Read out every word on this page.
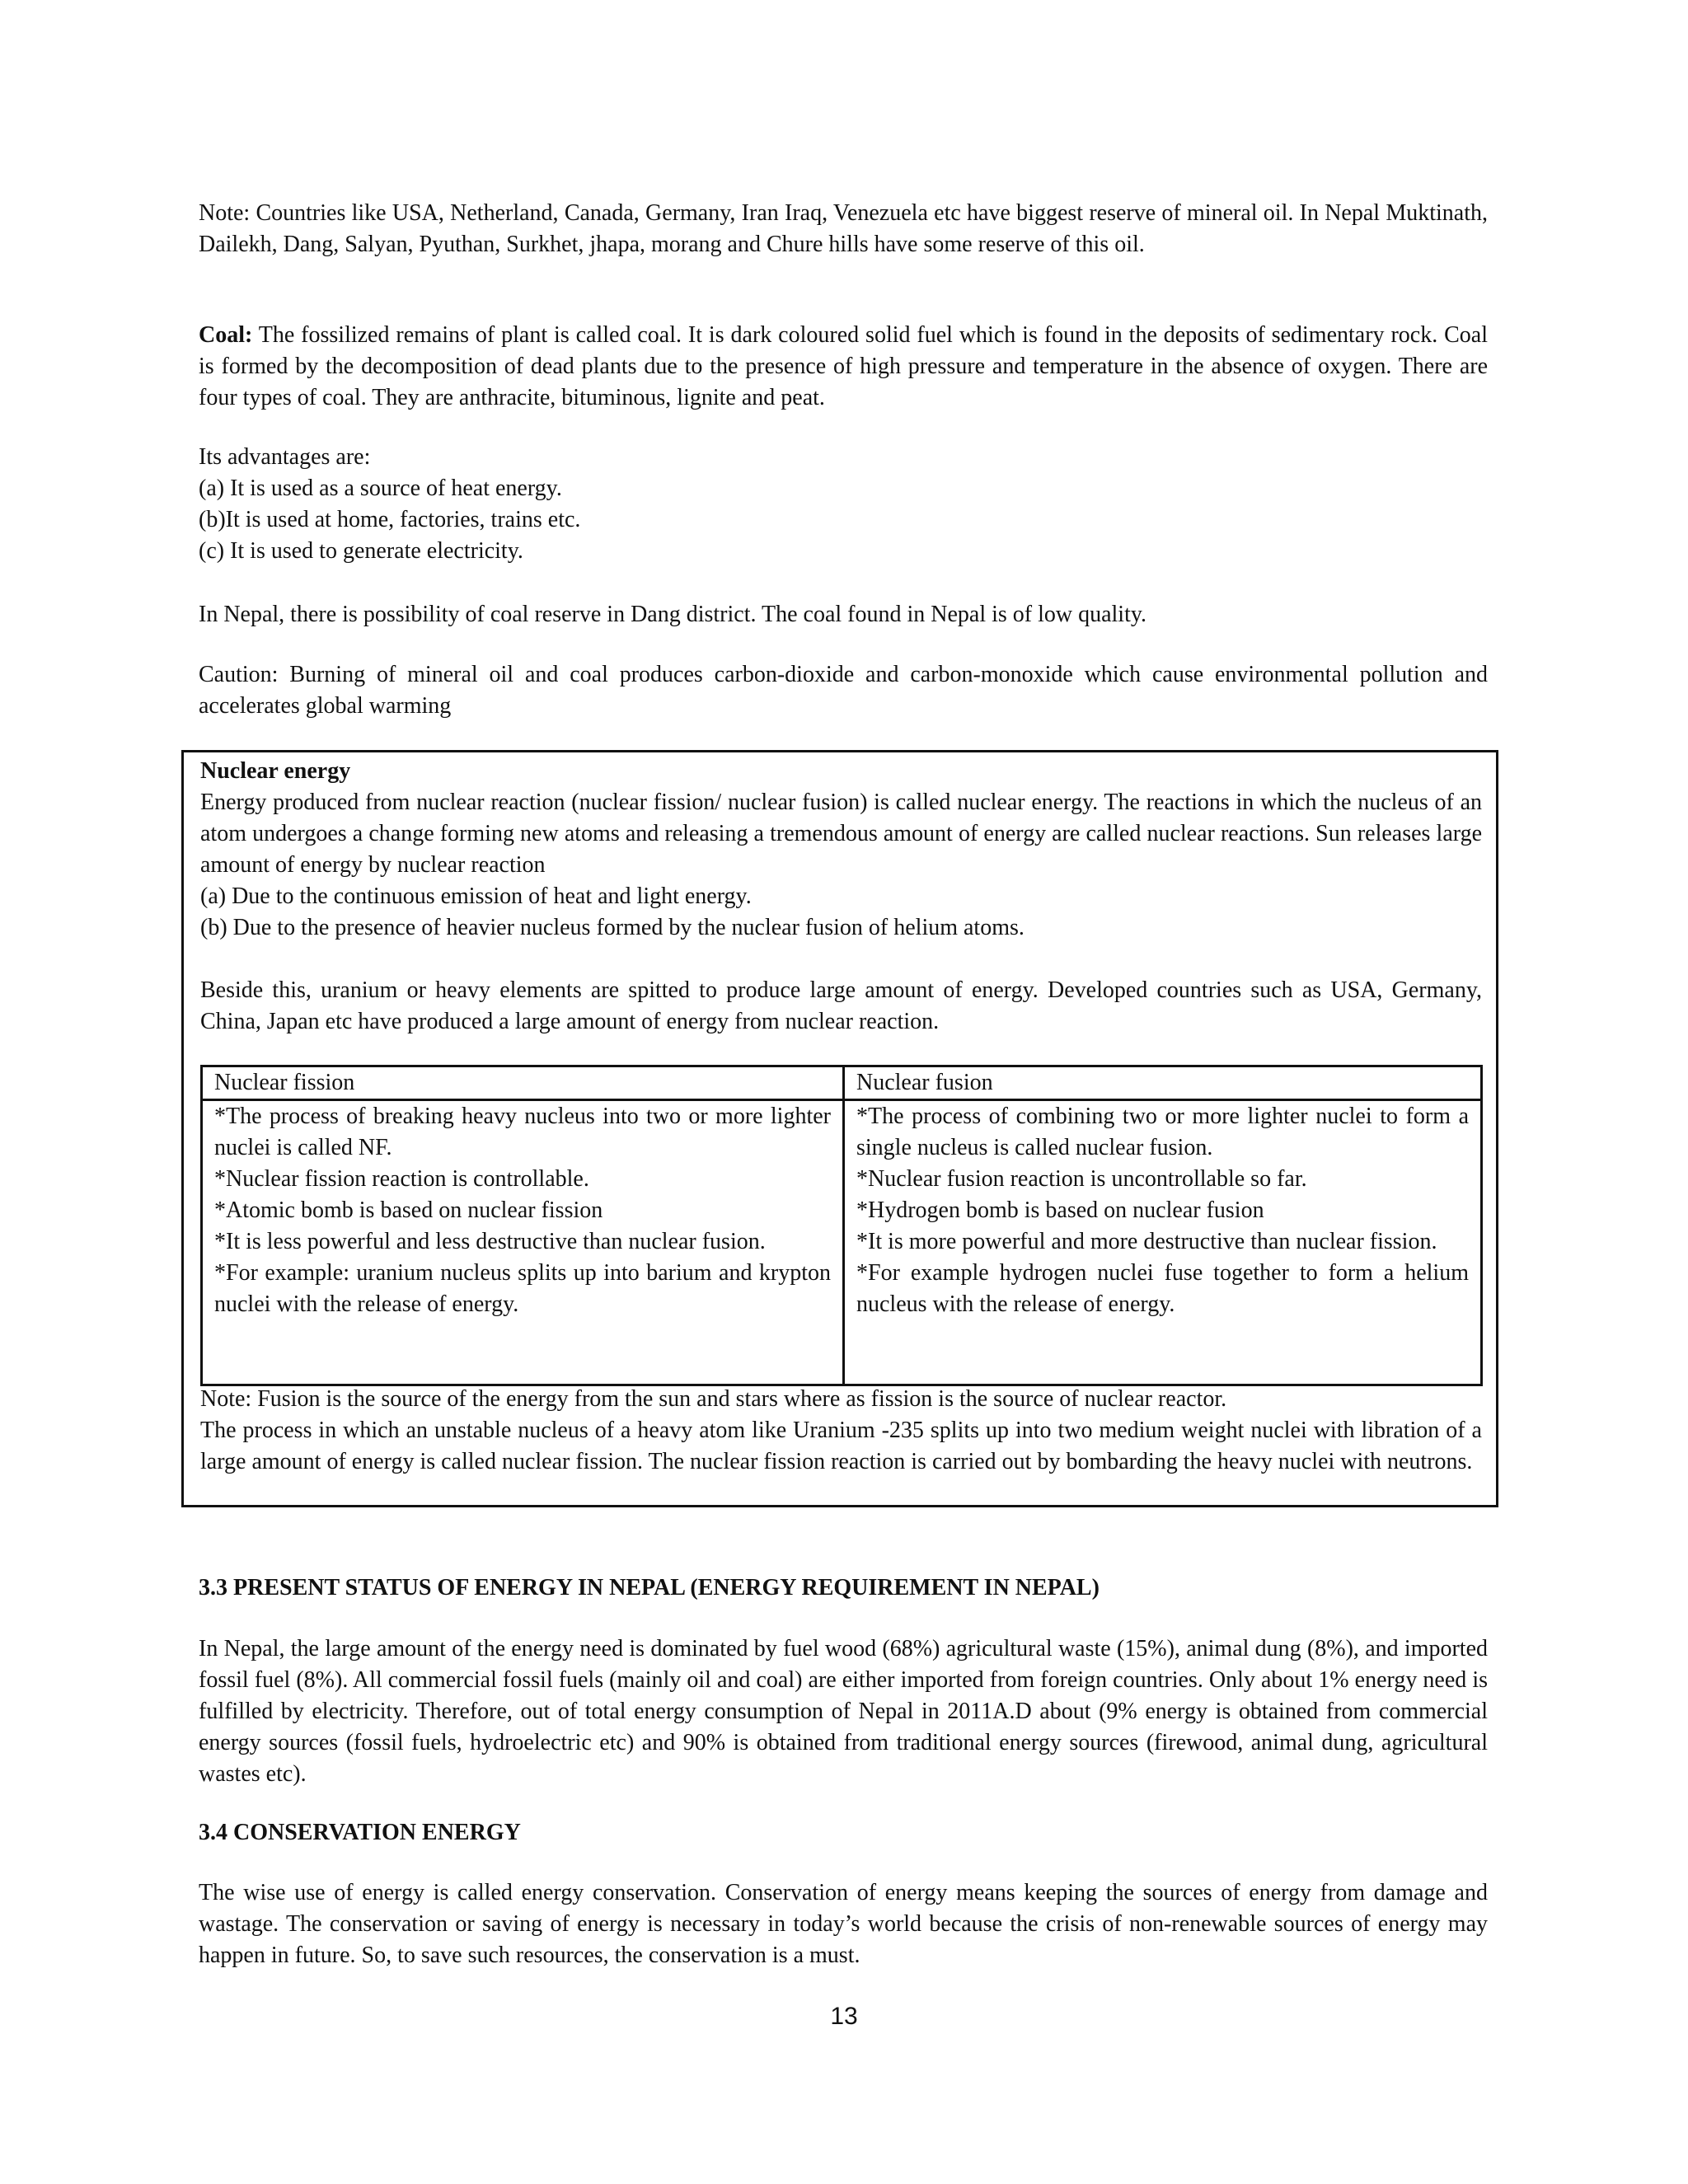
Note: Countries like USA, Netherland, Canada, Germany, Iran Iraq, Venezuela etc have biggest reserve of mineral oil. In Nepal Muktinath, Dailekh, Dang, Salyan, Pyuthan, Surkhet, jhapa, morang and Chure hills have some reserve of this oil.

Coal: The fossilized remains of plant is called coal. It is dark coloured solid fuel which is found in the deposits of sedimentary rock. Coal is formed by the decomposition of dead plants due to the presence of high pressure and temperature in the absence of oxygen. There are four types of coal. They are anthracite, bituminous, lignite and peat.

Its advantages are:
(a) It is used as a source of heat energy.
(b)It is used at home, factories, trains etc.
(c) It is used to generate electricity.

In Nepal, there is possibility of coal reserve in Dang district. The coal found in Nepal is of low quality.

Caution: Burning of mineral oil and coal produces carbon-dioxide and carbon-monoxide which cause environmental pollution and accelerates global warming

Nuclear energy

Energy produced from nuclear reaction (nuclear fission/ nuclear fusion) is called nuclear energy. The reactions in which the nucleus of an atom undergoes a change forming new atoms and releasing a tremendous amount of energy are called nuclear reactions. Sun releases large amount of energy by nuclear reaction

(a) Due to the continuous emission of heat and light energy.

(b) Due to the presence of heavier nucleus formed by the nuclear fusion of helium atoms.

Beside this, uranium or heavy elements are spitted to produce large amount of energy. Developed countries such as USA, Germany, China, Japan etc have produced a large amount of energy from nuclear reaction.

Note: Fusion is the source of the energy from the sun and stars where as fission is the source of nuclear reactor.

The process in which an unstable nucleus of a heavy atom like Uranium -235 splits up into two medium weight nuclei with libration of a large amount of energy is called nuclear fission. The nuclear fission reaction is carried out by bombarding the heavy nuclei with neutrons.

Nuclear fission

*The process of breaking heavy nucleus into two or more lighter nuclei is called NF.

*Nuclear fission reaction is controllable.

*Atomic bomb is based on nuclear fission

*It is less powerful and less destructive than nuclear fusion.

*For example: uranium nucleus splits up into barium and krypton nuclei with the release of energy.

Nuclear fusion

*The process of combining two or more lighter nuclei to form a single nucleus is called nuclear fusion.

*Nuclear fusion reaction is uncontrollable so far.

*Hydrogen bomb is based on nuclear fusion

*It is more powerful and more destructive than nuclear fission.

*For example hydrogen nuclei fuse together to form a helium nucleus with the release of energy.

3.3 PRESENT STATUS OF ENERGY IN NEPAL (ENERGY REQUIREMENT IN NEPAL)

In Nepal, the large amount of the energy need is dominated by fuel wood (68%) agricultural waste (15%), animal dung (8%), and imported fossil fuel (8%). All commercial fossil fuels (mainly oil and coal) are either imported from foreign countries. Only about 1% energy need is fulfilled by electricity. Therefore, out of total energy consumption of Nepal in 2011A.D about (9% energy is obtained from commercial energy sources (fossil fuels, hydroelectric etc) and 90% is obtained from traditional energy sources (firewood, animal dung, agricultural wastes etc).

3.4 CONSERVATION ENERGY

The wise use of energy is called energy conservation. Conservation of energy means keeping the sources of energy from damage and wastage. The conservation or saving of energy is necessary in today’s world because the crisis of non-renewable sources of energy may happen in future. So, to save such resources, the conservation is a must.

13
